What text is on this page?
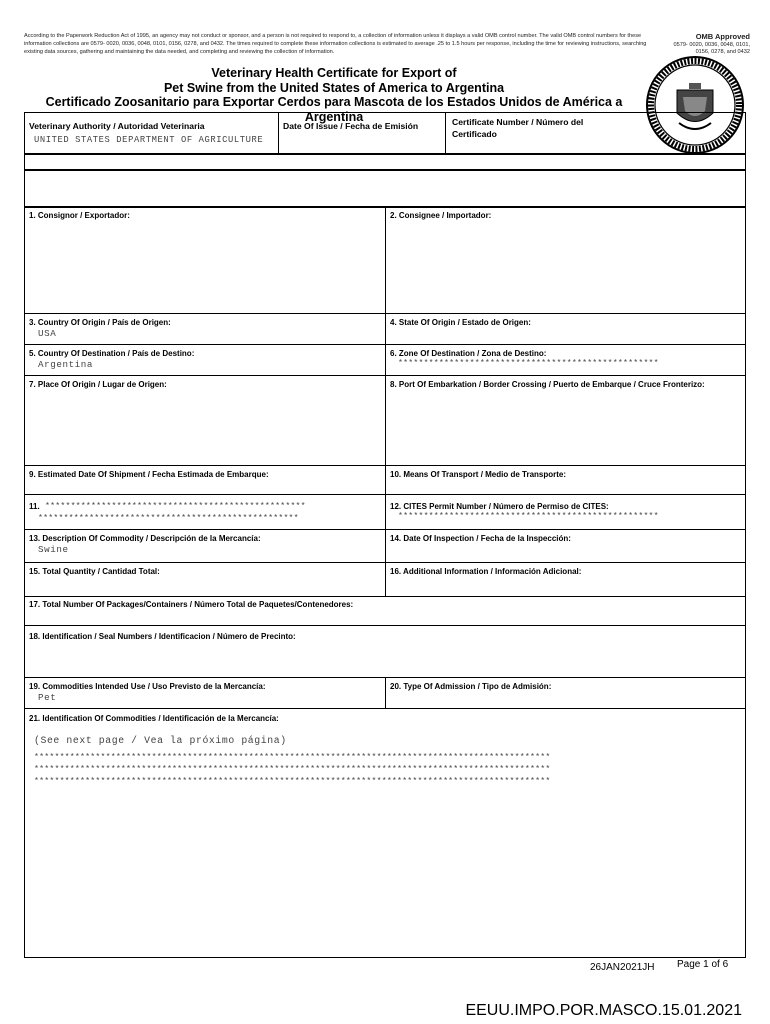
According to the Paperwork Reduction Act of 1995, an agency may not conduct or sponsor, and a person is not required to respond to, a collection of information unless it displays a valid OMB control number. The valid OMB control numbers for these information collections are 0579- 0020, 0036, 0048, 0101, 0156, 0278, and 0432. The times required to complete these information collections is estimated to average .25 to 1.5 hours per response, including the time for reviewing instructions, searching existing data sources, gathering and maintaining the data needed, and completing and reviewing the collection of information.
OMB Approved
0579- 0020, 0036, 0048, 0101, 0156, 0278, and 0432
Veterinary Health Certificate for Export of
Pet Swine from the United States of America to Argentina
Certificado Zoosanitario para Exportar Cerdos para Mascota de los Estados Unidos de América a Argentina
Veterinary Authority / Autoridad Veterinaria
UNITED STATES DEPARTMENT OF AGRICULTURE
Date Of Issue / Fecha de Emisión	Certificate Number / Número del
Certificado
1. Consignor / Exportador:	2. Consignee / Importador:
3. Country Of Origin / País de Origen:
USA
4. State Of Origin / Estado de Origen:
5. Country Of Destination / País de Destino:
Argentina
6. Zone Of Destination / Zona de Destino:
***************************************************
7. Place Of Origin / Lugar de Origen:	8. Port Of Embarkation / Border Crossing / Puerto de Embarque / Cruce Fronterizo:
9. Estimated Date Of Shipment / Fecha Estimada de Embarque:	10. Means Of Transport / Medio de Transporte:
11. ***************************************************
***************************************************
12. CITES Permit Number / Número de Permiso de CITES:
***************************************************
13. Description Of Commodity / Descripción de la Mercancía:
Swine
14. Date Of Inspection / Fecha de la Inspección:
15. Total Quantity / Cantidad Total:	16. Additional Information / Información Adicional:
17. Total Number Of Packages/Containers / Número Total de Paquetes/Contenedores:
18. Identification / Seal Numbers / Identificacion / Número de Precinto:
19. Commodities Intended Use / Uso Previsto de la Mercancía:
Pet
20. Type Of Admission / Tipo de Admisión:
21. Identification Of Commodities / Identificación de la Mercancía:
(See next page / Vea la próximo página)
*****************************************************************************************************
*****************************************************************************************************
*****************************************************************************************************
26JAN2021JH Page 1 of 6
EEUU.IMPO.POR.MASCO.15.01.2021
